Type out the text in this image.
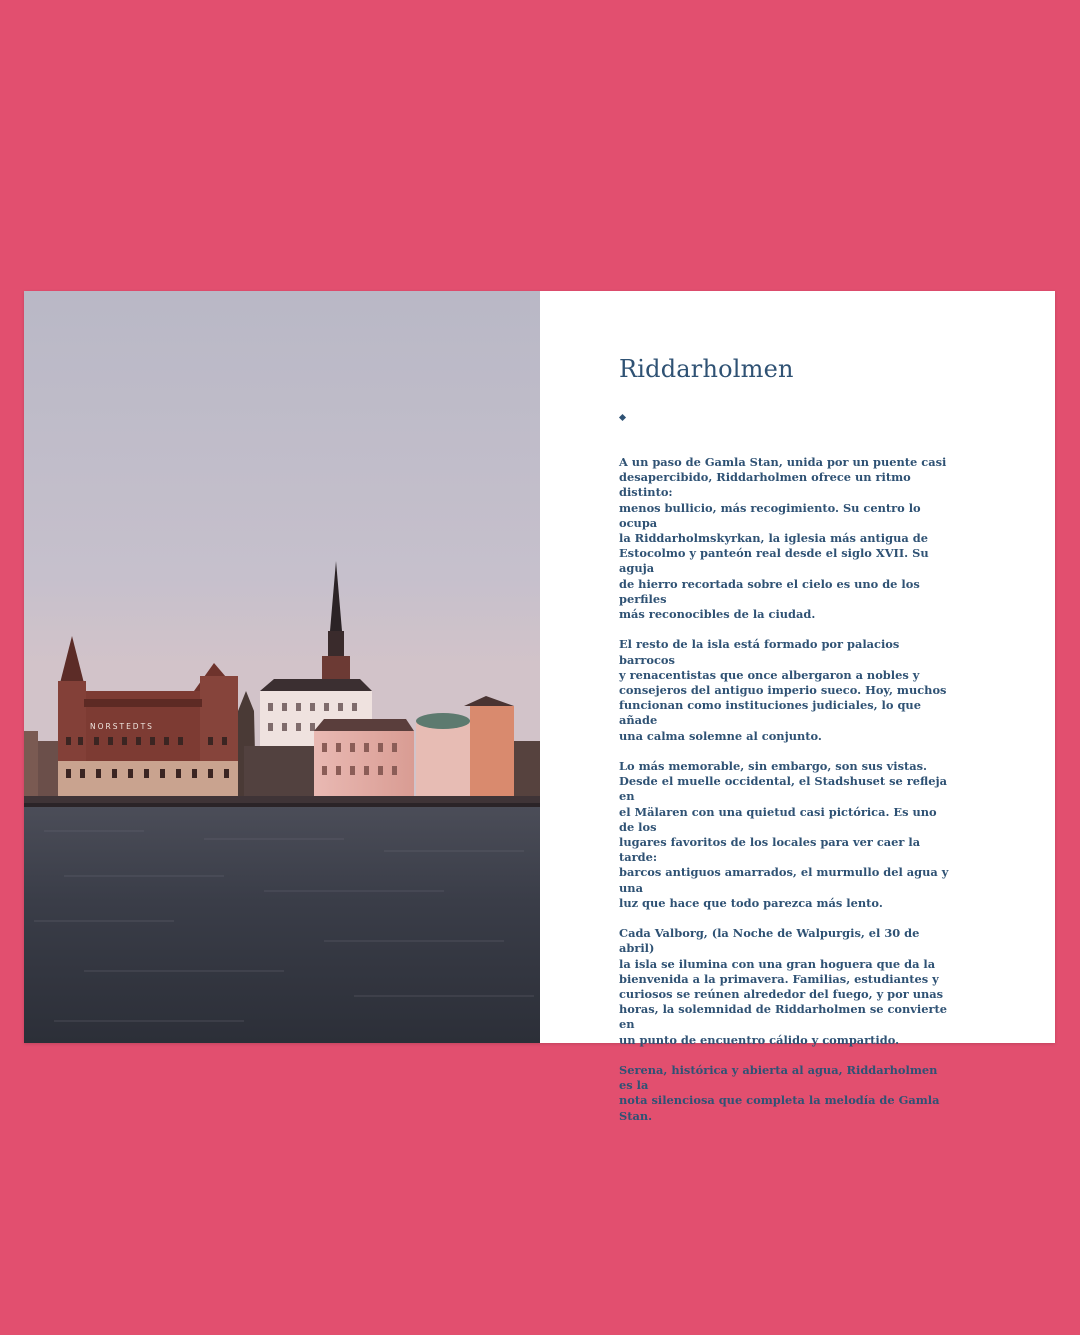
NORSTEDTS
Riddarholmen

A un paso de Gamla Stan, unida por un puente casi
desapercibido, Riddarholmen ofrece un ritmo distinto:
menos bullicio, más recogimiento. Su centro lo ocupa
la Riddarholmskyrkan, la iglesia más antigua de
Estocolmo y panteón real desde el siglo XVII. Su aguja
de hierro recortada sobre el cielo es uno de los perfiles
más reconocibles de la ciudad.

El resto de la isla está formado por palacios barrocos
y renacentistas que once albergaron a nobles y
consejeros del antiguo imperio sueco. Hoy, muchos
funcionan como instituciones judiciales, lo que añade
una calma solemne al conjunto.

Lo más memorable, sin embargo, son sus vistas.
Desde el muelle occidental, el Stadshuset se refleja en
el Mälaren con una quietud casi pictórica. Es uno de los
lugares favoritos de los locales para ver caer la tarde:
barcos antiguos amarrados, el murmullo del agua y una
luz que hace que todo parezca más lento.

Cada Valborg, (la Noche de Walpurgis, el 30 de abril)
la isla se ilumina con una gran hoguera que da la
bienvenida a la primavera. Familias, estudiantes y
curiosos se reúnen alrededor del fuego, y por unas
horas, la solemnidad de Riddarholmen se convierte en
un punto de encuentro cálido y compartido.

Serena, histórica y abierta al agua, Riddarholmen es la
nota silenciosa que completa la melodía de Gamla Stan.
